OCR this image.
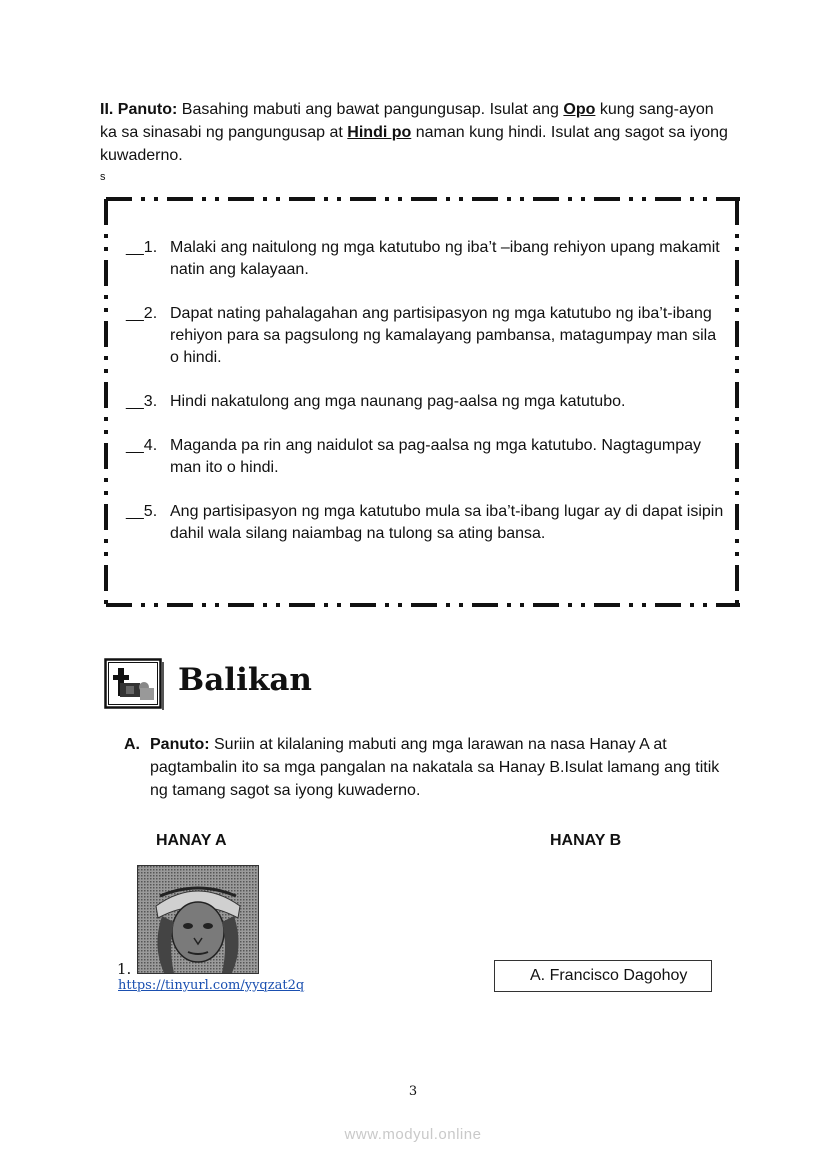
II. Panuto: Basahing mabuti ang bawat pangungusap. Isulat ang Opo kung sang-ayon ka sa sinasabi ng pangungusap at Hindi po naman kung hindi. Isulat ang sagot sa iyong kuwaderno.
s
__1. Malaki ang naitulong ng mga katutubo ng iba’t –ibang rehiyon upang makamit natin ang kalayaan.
__2. Dapat nating pahalagahan ang partisipasyon ng mga katutubo ng iba’t-ibang rehiyon para sa pagsulong ng kamalayang pambansa, matagumpay man sila o hindi.
__3. Hindi nakatulong ang mga naunang pag-aalsa ng mga katutubo.
__4. Maganda pa rin ang naidulot sa pag-aalsa ng mga katutubo. Nagtagumpay man ito o hindi.
__5. Ang partisipasyon ng mga katutubo mula sa iba’t-ibang lugar ay di dapat isipin dahil wala silang naiambag na tulong sa ating bansa.
Balikan
A. Panuto: Suriin at kilalaning mabuti ang mga larawan na nasa Hanay A at pagtambalin ito sa mga pangalan na nakatala sa Hanay B.Isulat lamang ang titik ng tamang sagot sa iyong kuwaderno.
HANAY A	HANAY B
1.
https://tinyurl.com/yyqzat2q
A. Francisco Dagohoy
3
www.modyul.online
